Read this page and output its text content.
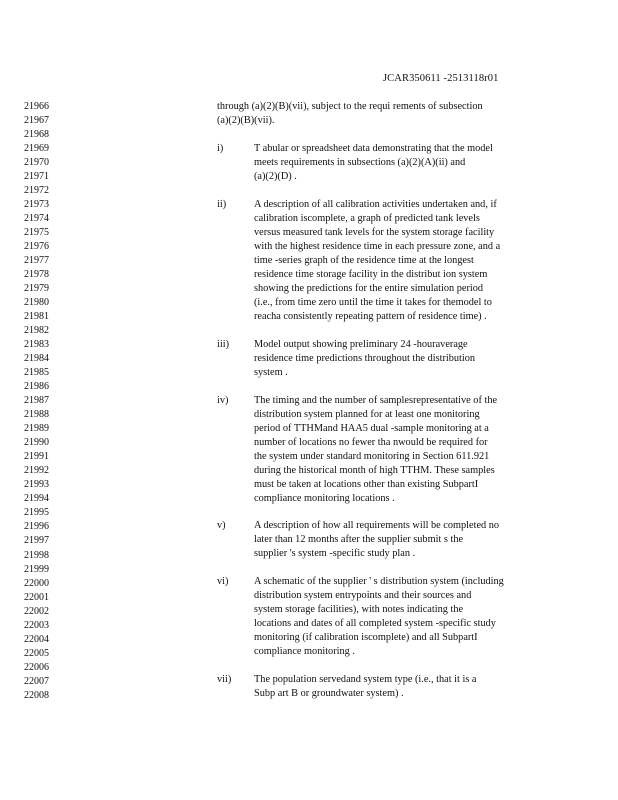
JCAR350611 -2513118r01
21966
21967
21968
21969
21970
21971
21972
21973
21974
21975
21976
21977
21978
21979
21980
21981
21982
21983
21984
21985
21986
21987
21988
21989
21990
21991
21992
21993
21994
21995
21996
21997
21998
21999
22000
22001
22002
22003
22004
22005
22006
22007
22008
through (a)(2)(B)(vii), subject to the requi rements of subsection
(a)(2)(B)(vii).
i)	T abular or spreadsheet data demonstrating that the model
meets requirements in subsections (a)(2)(A)(ii) and
(a)(2)(D) .
ii)	A description of all calibration activities undertaken and, if
calibration iscomplete, a graph of predicted tank levels
versus measured tank levels for the system storage facility
with the highest residence time in each pressure zone, and a
time -series graph of the residence time at the longest
residence time storage facility in the distribut ion system
showing the predictions for the entire simulation period
(i.e., from time zero until the time it takes for themodel to
reacha consistently repeating pattern of residence time) .
iii)	Model output showing preliminary 24 -houraverage
residence time predictions throughout the distribution
system .
iv)	The timing and the number of samplesrepresentative of the
distribution system planned for at least one monitoring
period of TTHMand HAA5 dual -sample monitoring at a
number of locations no fewer tha nwould be required for
the system under standard monitoring in Section 611.921
during the historical month of high TTHM. These samples
must be taken at locations other than existing SubpartI
compliance monitoring locations .
v)	A description of how all requirements will be completed no
later than 12 months after the supplier submit s the
supplier 's system -specific study plan .
vi)	A schematic of the supplier ' s distribution system (including
distribution system entrypoints and their sources and
system storage facilities), with notes indicating the
locations and dates of all completed system -specific study
monitoring (if calibration iscomplete) and all SubpartI
compliance monitoring .
vii)	The population servedand system type (i.e., that it is a
Subp art B or groundwater system) .
